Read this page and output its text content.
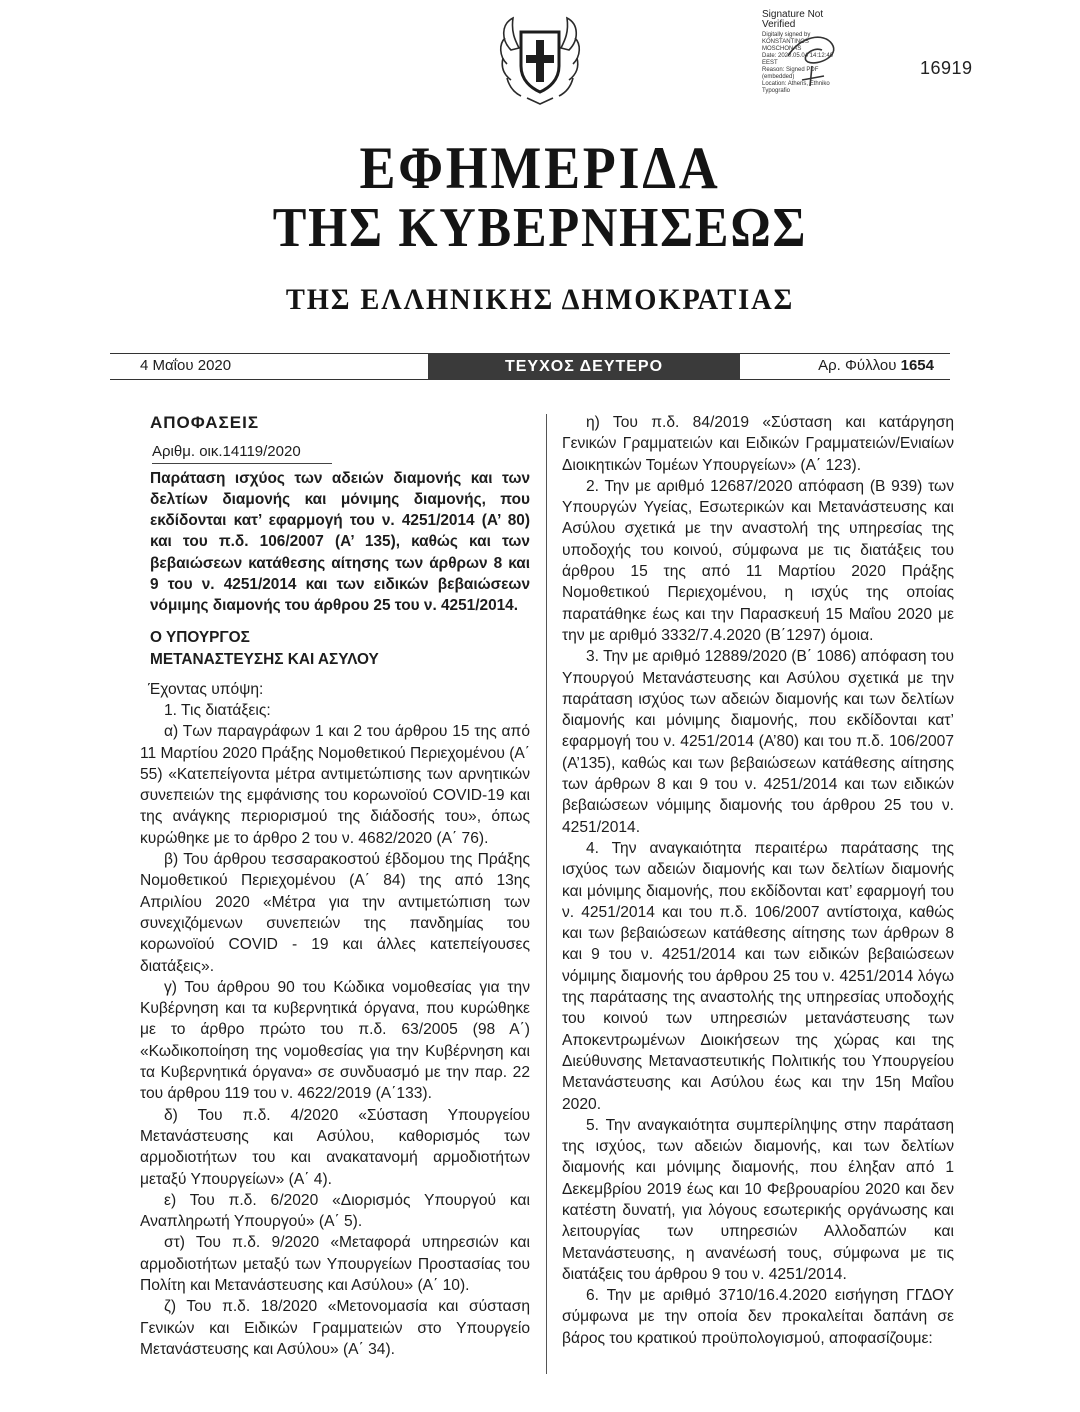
Signature Not
Verified
Digitally signed by
KONSTANTINOS
MOSCHONAS
Date: 2020.05.04 14:12:40
EEST
Reason: Signed PDF
(embedded)
Location: Athens, Ethniko
Typografio
16919
ΕΦΗΜΕΡΙΔΑ
ΤΗΣ ΚΥΒΕΡΝΗΣΕΩΣ
ΤΗΣ ΕΛΛΗΝΙΚΗΣ ΔΗΜΟΚΡΑΤΙΑΣ
4 Μαΐου 2020	ΤΕΥΧΟΣ ΔΕΥΤΕΡΟ	Αρ. Φύλλου 1654

ΑΠΟΦΑΣΕΙΣ

Αριθμ. οικ.14119/2020

Παράταση ισχύος των αδειών διαμονής και των δελτίων διαμονής και μόνιμης διαμονής, που εκδίδονται κατ’ εφαρμογή του ν. 4251/2014 (Α’ 80) και του π.δ. 106/2007 (Α’ 135), καθώς και των βεβαιώσεων κατάθεσης αίτησης των άρθρων 8 και 9 του ν. 4251/2014 και των ειδικών βεβαιώσεων νόμιμης διαμονής του άρθρου 25 του ν. 4251/2014.

Ο ΥΠΟΥΡΓΟΣ
ΜΕΤΑΝΑΣΤΕΥΣΗΣ ΚΑΙ ΑΣΥΛΟΥ

Έχοντας υπόψη:

1. Τις διατάξεις:

α) Των παραγράφων 1 και 2 του άρθρου 15 της από 11 Μαρτίου 2020 Πράξης Νομοθετικού Περιεχομένου (Α΄ 55) «Κατεπείγοντα μέτρα αντιμετώπισης των αρνητικών συνεπειών της εμφάνισης του κορωνοϊού COVID-19 και της ανάγκης περιορισμού της διάδοσής του», όπως κυρώθηκε με το άρθρο 2 του ν. 4682/2020 (Α΄ 76).

β) Του άρθρου τεσσαρακοστού έβδομου της Πράξης Νομοθετικού Περιεχομένου (Α΄ 84) της από 13ης Απριλίου 2020 «Μέτρα για την αντιμετώπιση των συνεχιζόμενων συνεπειών της πανδημίας του κορωνοϊού COVID - 19 και άλλες κατεπείγουσες διατάξεις».

γ) Του άρθρου 90 του Κώδικα νομοθεσίας για την Κυβέρνηση και τα κυβερνητικά όργανα, που κυρώθηκε με το άρθρο πρώτο του π.δ. 63/2005 (98 Α΄) «Κωδικοποίηση της νομοθεσίας για την Κυβέρνηση και τα Κυβερνητικά όργανα» σε συνδυασμό με την παρ. 22 του άρθρου 119 του ν. 4622/2019 (Α΄133).

δ) Του π.δ. 4/2020 «Σύσταση Υπουργείου Μετανάστευσης και Ασύλου, καθορισμός των αρμοδιοτήτων του και ανακατανομή αρμοδιοτήτων μεταξύ Υπουργείων» (Α΄ 4).

ε) Του π.δ. 6/2020 «Διορισμός Υπουργού και Αναπληρωτή Υπουργού» (Α΄ 5).

στ) Του π.δ. 9/2020 «Μεταφορά υπηρεσιών και αρμοδιοτήτων μεταξύ των Υπουργείων Προστασίας του Πολίτη και Μετανάστευσης και Ασύλου» (Α΄ 10).

ζ) Του π.δ. 18/2020 «Μετονομασία και σύσταση Γενικών και Ειδικών Γραμματειών στο Υπουργείο Μετανάστευσης και Ασύλου» (Α΄ 34).

η) Του π.δ. 84/2019 «Σύσταση και κατάργηση Γενικών Γραμματειών και Ειδικών Γραμματειών/Ενιαίων Διοικητικών Τομέων Υπουργείων» (Α΄ 123).

2. Την με αριθμό 12687/2020 απόφαση (Β 939) των Υπουργών Υγείας, Εσωτερικών και Μετανάστευσης και Ασύλου σχετικά με την αναστολή της υπηρεσίας της υποδοχής του κοινού, σύμφωνα με τις διατάξεις του άρθρου 15 της από 11 Μαρτίου 2020 Πράξης Νομοθετικού Περιεχομένου, η ισχύς της οποίας παρατάθηκε έως και την Παρασκευή 15 Μαΐου 2020 με την με αριθμό 3332/7.4.2020 (Β΄1297) όμοια.

3. Την με αριθμό 12889/2020 (Β΄ 1086) απόφαση του Υπουργού Μετανάστευσης και Ασύλου σχετικά με την παράταση ισχύος των αδειών διαμονής και των δελτίων διαμονής και μόνιμης διαμονής, που εκδίδονται κατ’ εφαρμογή του ν. 4251/2014 (Α’80) και του π.δ. 106/2007 (Α’135), καθώς και των βεβαιώσεων κατάθεσης αίτησης των άρθρων 8 και 9 του ν. 4251/2014 και των ειδικών βεβαιώσεων νόμιμης διαμονής του άρθρου 25 του ν. 4251/2014.

4. Την αναγκαιότητα περαιτέρω παράτασης της ισχύος των αδειών διαμονής και των δελτίων διαμονής και μόνιμης διαμονής, που εκδίδονται κατ’ εφαρμογή του ν. 4251/2014 και του π.δ. 106/2007 αντίστοιχα, καθώς και των βεβαιώσεων κατάθεσης αίτησης των άρθρων 8 και 9 του ν. 4251/2014 και των ειδικών βεβαιώσεων νόμιμης διαμονής του άρθρου 25 του ν. 4251/2014 λόγω της παράτασης της αναστολής της υπηρεσίας υποδοχής του κοινού των υπηρεσιών μετανάστευσης των Αποκεντρωμένων Διοικήσεων της χώρας και της Διεύθυνσης Μεταναστευτικής Πολιτικής του Υπουργείου Μετανάστευσης και Ασύλου έως και την 15η Μαΐου 2020.

5. Την αναγκαιότητα συμπερίληψης στην παράταση της ισχύος, των αδειών διαμονής, και των δελτίων διαμονής και μόνιμης διαμονής, που έληξαν από 1 Δεκεμβρίου 2019 έως και 10 Φεβρουαρίου 2020 και δεν κατέστη δυνατή, για λόγους εσωτερικής οργάνωσης και λειτουργίας των υπηρεσιών Αλλοδαπών και Μετανάστευσης, η ανανέωσή τους, σύμφωνα με τις διατάξεις του άρθρου 9 του ν. 4251/2014.

6. Την με αριθμό 3710/16.4.2020 εισήγηση ΓΓΔΟΥ σύμφωνα με την οποία δεν προκαλείται δαπάνη σε βάρος του κρατικού προϋπολογισμού, αποφασίζουμε:
